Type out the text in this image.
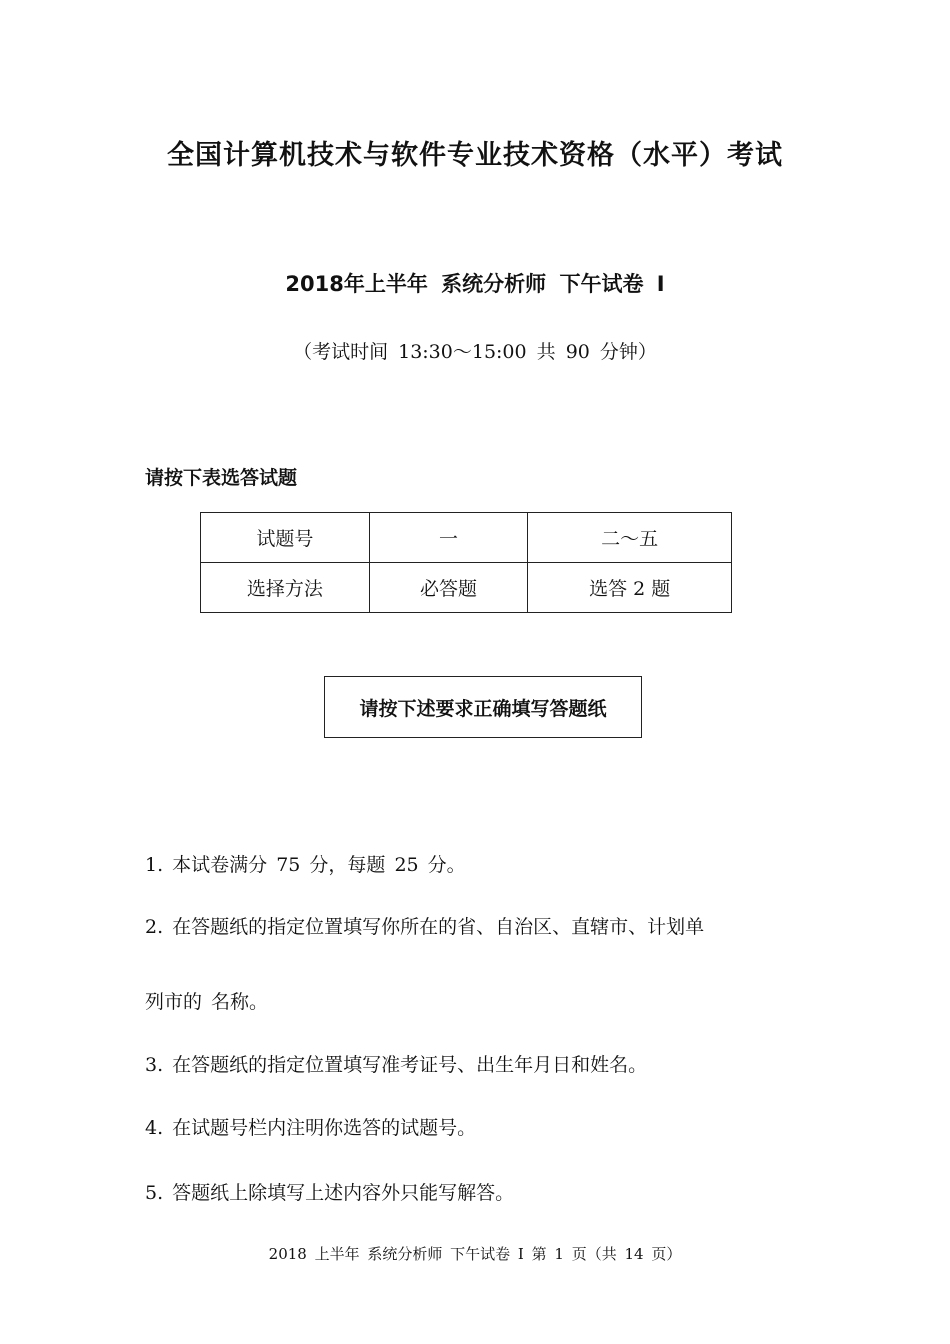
全国计算机技术与软件专业技术资格（水平）考试
2018年上半年 系统分析师 下午试卷 I
（考试时间 13:30～15:00 共 90 分钟）
请按下表选答试题
试题号	一	二～五
选择方法	必答题	选答 2 题
请按下述要求正确填写答题纸
1. 本试卷满分 75 分，每题 25 分。
2. 在答题纸的指定位置填写你所在的省、自治区、直辖市、计划单
列市的 名称。
3. 在答题纸的指定位置填写准考证号、出生年月日和姓名。
4. 在试题号栏内注明你选答的试题号。
5. 答题纸上除填写上述内容外只能写解答。
2018 上半年 系统分析师 下午试卷 I 第 1 页（共 14 页）
